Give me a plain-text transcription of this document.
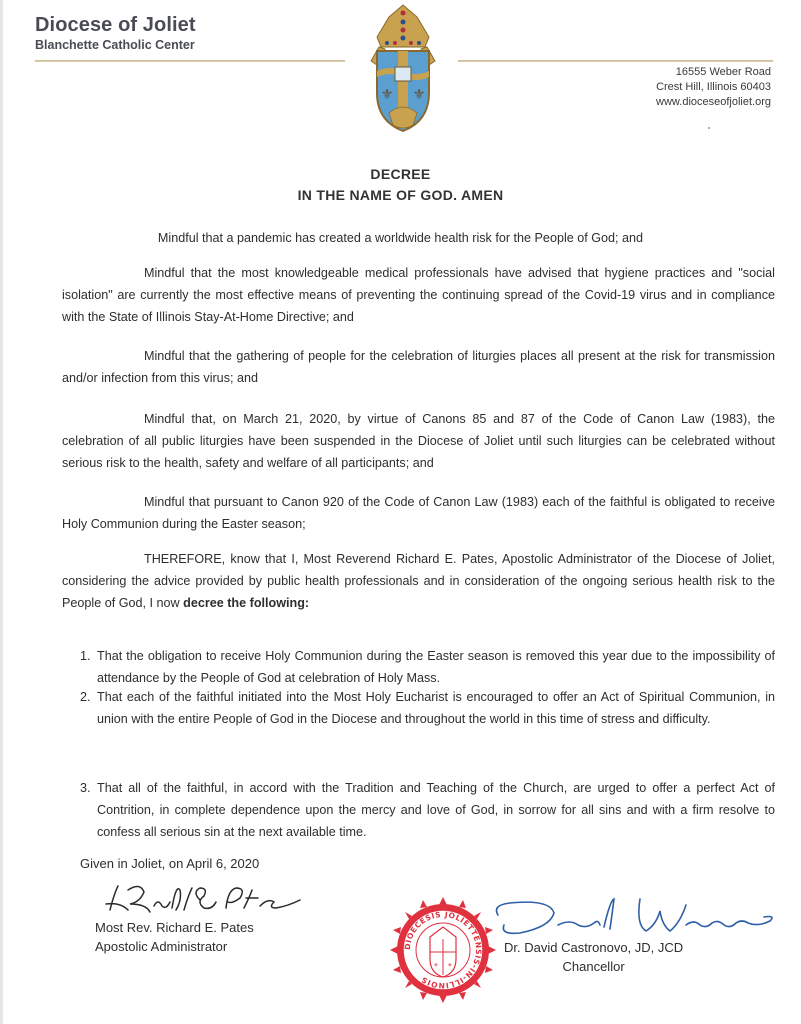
Diocese of Joliet
Blanchette Catholic Center
⚜ ⚜
16555 Weber Road
Crest Hill, Illinois 60403
www.dioceseofjoliet.org
DECREE
IN THE NAME OF GOD. AMEN
Mindful that a pandemic has created a worldwide health risk for the People of God; and
Mindful that the most knowledgeable medical professionals have advised that hygiene practices and "social isolation" are currently the most effective means of preventing the continuing spread of the Covid-19 virus and in compliance with the State of Illinois Stay-At-Home Directive; and
Mindful that the gathering of people for the celebration of liturgies places all present at the risk for transmission and/or infection from this virus; and
Mindful that, on March 21, 2020, by virtue of Canons 85 and 87 of the Code of Canon Law (1983), the celebration of all public liturgies have been suspended in the Diocese of Joliet until such liturgies can be celebrated without serious risk to the health, safety and welfare of all participants; and
Mindful that pursuant to Canon 920 of the Code of Canon Law (1983) each of the faithful is obligated to receive Holy Communion during the Easter season;
THEREFORE, know that I, Most Reverend Richard E. Pates, Apostolic Administrator of the Diocese of Joliet, considering the advice provided by public health professionals and in consideration of the ongoing serious health risk to the People of God, I now decree the following:
1. That the obligation to receive Holy Communion during the Easter season is removed this year due to the impossibility of attendance by the People of God at celebration of Holy Mass.
2. That each of the faithful initiated into the Most Holy Eucharist is encouraged to offer an Act of Spiritual Communion, in union with the entire People of God in the Diocese and throughout the world in this time of stress and difficulty.
3. That all of the faithful, in accord with the Tradition and Teaching of the Church, are urged to offer a perfect Act of Contrition, in complete dependence upon the mercy and love of God, in sorrow for all sins and with a firm resolve to confess all serious sin at the next available time.
Given in Joliet, on April 6, 2020
Most Rev. Richard E. Pates
Apostolic Administrator	DIOECESIS JOLIETTENSIS-IN-ILLINOIS
⚜ ⚜
Dr. David Castronovo, JD, JCD
Chancellor
